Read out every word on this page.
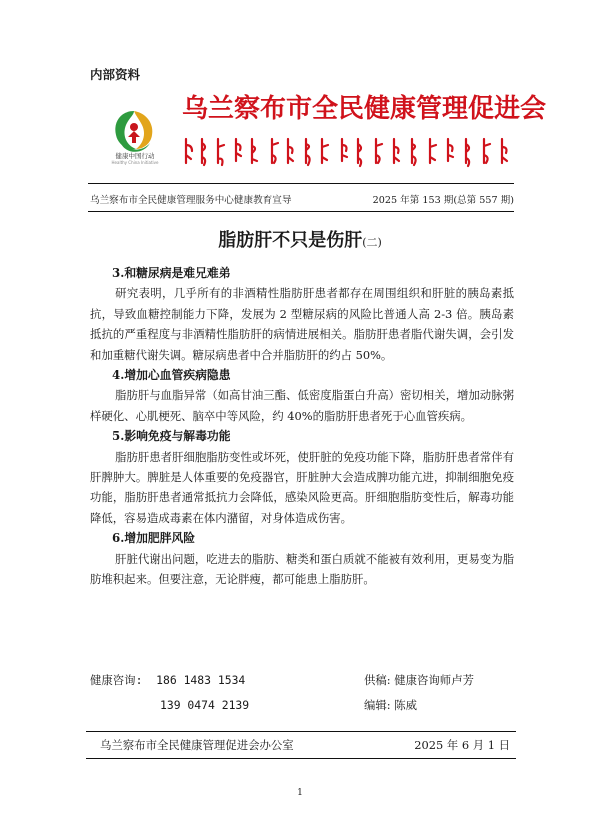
内部资料
健康中国行动
Healthy China Initiative
乌兰察布市全民健康管理促进会
乌兰察布市全民健康管理服务中心健康教育宣导	2025 年第 153 期(总第 557 期)
脂肪肝不只是伤肝(二)
3.和糖尿病是难兄难弟

研究表明，几乎所有的非酒精性脂肪肝患者都存在周围组织和肝脏的胰岛素抵抗，导致血糖控制能力下降，发展为 2 型糖尿病的风险比普通人高 2-3 倍。胰岛素抵抗的严重程度与非酒精性脂肪肝的病情进展相关。脂肪肝患者脂代谢失调，会引发和加重糖代谢失调。糖尿病患者中合并脂肪肝的约占 50%。

4.增加心血管疾病隐患

脂肪肝与血脂异常（如高甘油三酯、低密度脂蛋白升高）密切相关，增加动脉粥样硬化、心肌梗死、脑卒中等风险，约 40%的脂肪肝患者死于心血管疾病。

5.影响免疫与解毒功能

脂肪肝患者肝细胞脂肪变性或坏死，使肝脏的免疫功能下降，脂肪肝患者常伴有肝脾肿大。脾脏是人体重要的免疫器官，肝脏肿大会造成脾功能亢进，抑制细胞免疫功能，脂肪肝患者通常抵抗力会降低，感染风险更高。肝细胞脂肪变性后，解毒功能降低，容易造成毒素在体内潴留，对身体造成伤害。

6.增加肥胖风险

肝脏代谢出问题，吃进去的脂肪、糖类和蛋白质就不能被有效利用，更易变为脂肪堆积起来。但要注意，无论胖瘦，都可能患上脂肪肝。

健康咨询: 186 1483 1534	供稿: 健康咨询师卢芳
139 0474 2139	编辑: 陈威
乌兰察布市全民健康管理促进会办公室	2025 年 6 月 1 日
1
